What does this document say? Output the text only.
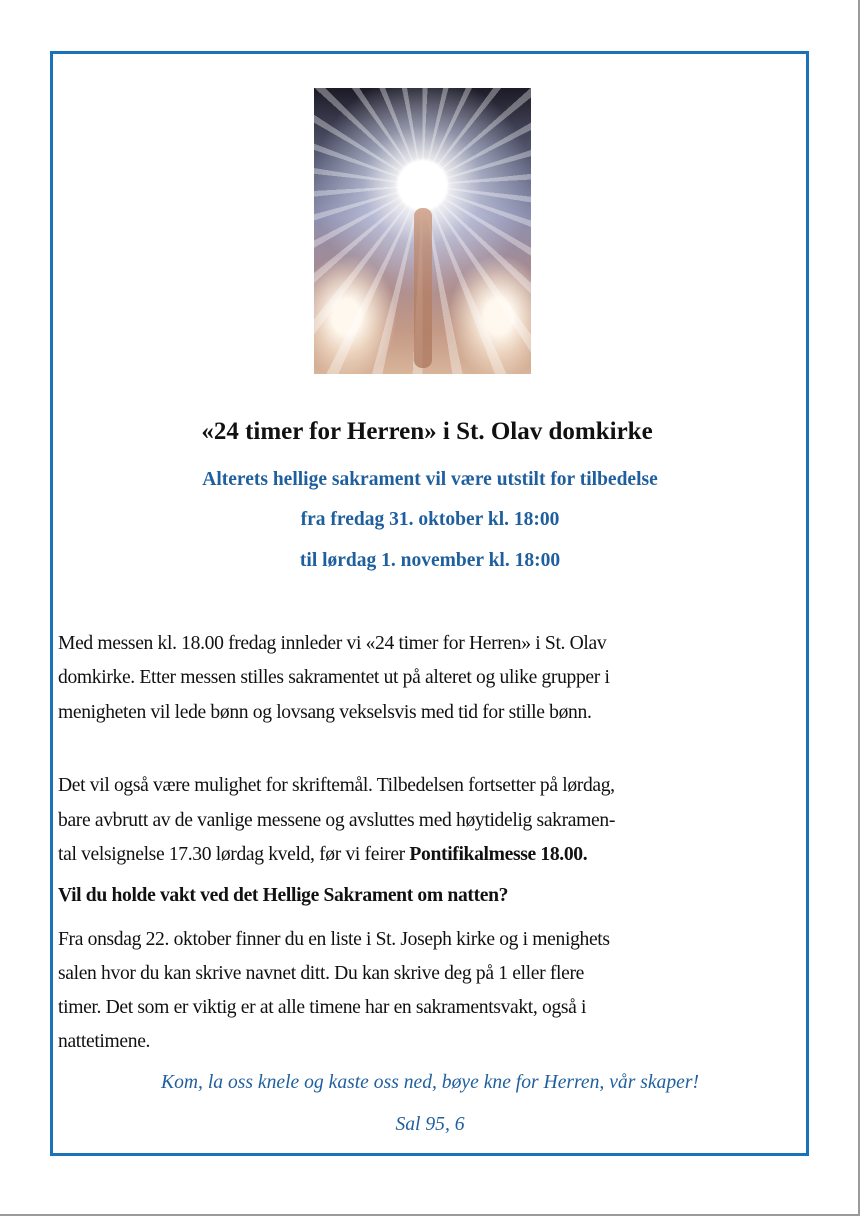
«24 timer for Herren» i St. Olav domkirke
Alterets hellige sakrament vil være utstilt for tilbedelse
fra fredag 31. oktober kl. 18:00
til lørdag 1. november kl. 18:00
Med messen kl. 18.00 fredag innleder vi «24 timer for Herren» i St. Olav
domkirke. Etter messen stilles sakramentet ut på alteret og ulike grupper i
menigheten vil lede bønn og lovsang vekselsvis med tid for stille bønn.
Det vil også være mulighet for skriftemål. Tilbedelsen fortsetter på lørdag,
bare avbrutt av de vanlige messene og avsluttes med høytidelig sakramen-
tal velsignelse 17.30 lørdag kveld, før vi feirer Pontifikalmesse 18.00.
Vil du holde vakt ved det Hellige Sakrament om natten?
Fra onsdag 22. oktober finner du en liste i St. Joseph kirke og i menighets
salen hvor du kan skrive navnet ditt. Du kan skrive deg på 1 eller flere
timer. Det som er viktig er at alle timene har en sakramentsvakt, også i
nattetimene.
Kom, la oss knele og kaste oss ned, bøye kne for Herren, vår skaper!
Sal 95, 6
